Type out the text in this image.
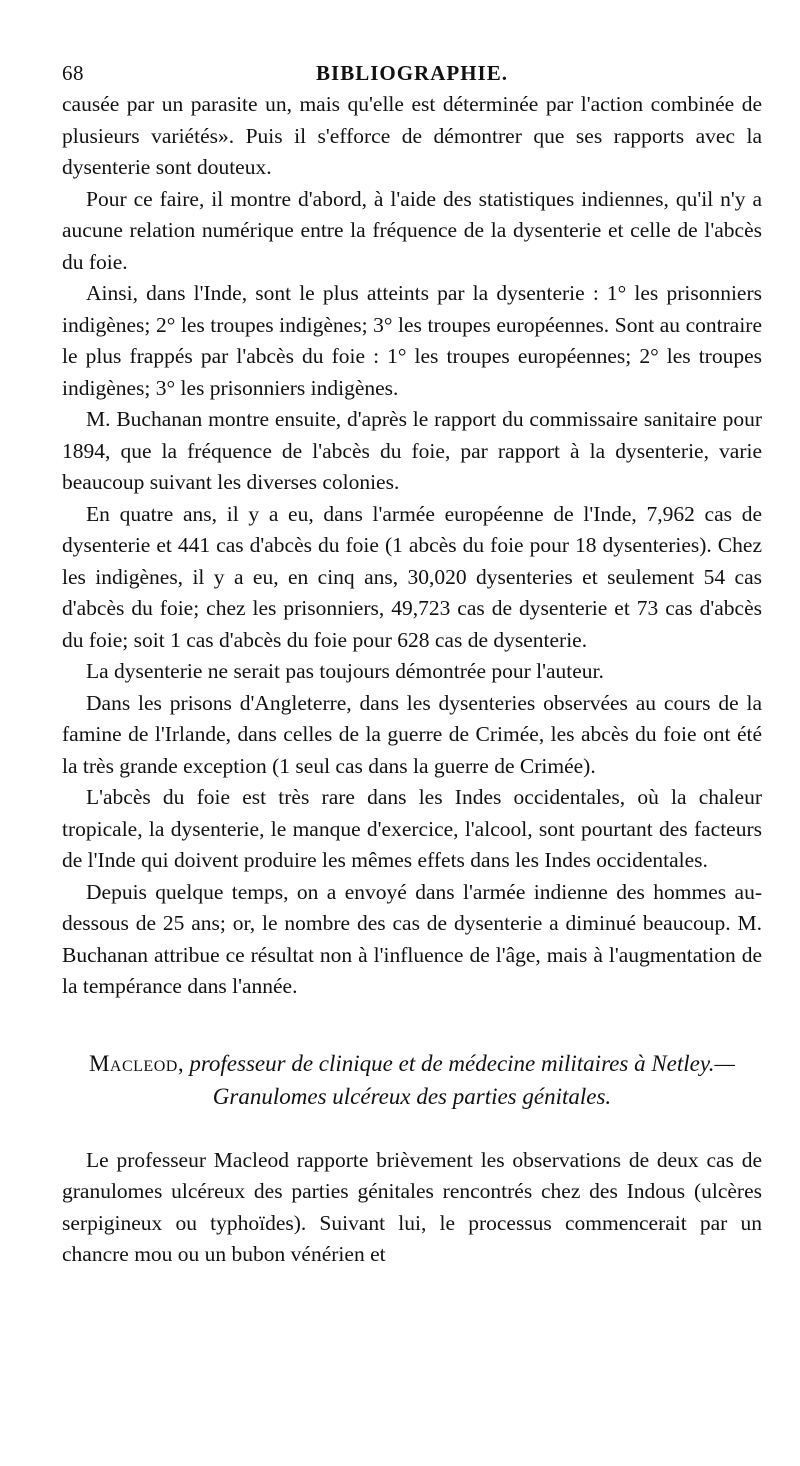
68	BIBLIOGRAPHIE.

causée par un parasite un, mais qu'elle est déterminée par l'action combinée de plusieurs variétés». Puis il s'efforce de démontrer que ses rapports avec la dysenterie sont douteux.

Pour ce faire, il montre d'abord, à l'aide des statistiques indiennes, qu'il n'y a aucune relation numérique entre la fréquence de la dysenterie et celle de l'abcès du foie.

Ainsi, dans l'Inde, sont le plus atteints par la dysenterie : 1° les prisonniers indigènes; 2° les troupes indigènes; 3° les troupes européennes. Sont au contraire le plus frappés par l'abcès du foie : 1° les troupes européennes; 2° les troupes indigènes; 3° les prisonniers indigènes.

M. Buchanan montre ensuite, d'après le rapport du commissaire sanitaire pour 1894, que la fréquence de l'abcès du foie, par rapport à la dysenterie, varie beaucoup suivant les diverses colonies.

En quatre ans, il y a eu, dans l'armée européenne de l'Inde, 7,962 cas de dysenterie et 441 cas d'abcès du foie (1 abcès du foie pour 18 dysenteries). Chez les indigènes, il y a eu, en cinq ans, 30,020 dysenteries et seulement 54 cas d'abcès du foie; chez les prisonniers, 49,723 cas de dysenterie et 73 cas d'abcès du foie; soit 1 cas d'abcès du foie pour 628 cas de dysenterie.

La dysenterie ne serait pas toujours démontrée pour l'auteur.

Dans les prisons d'Angleterre, dans les dysenteries observées au cours de la famine de l'Irlande, dans celles de la guerre de Crimée, les abcès du foie ont été la très grande exception (1 seul cas dans la guerre de Crimée).

L'abcès du foie est très rare dans les Indes occidentales, où la chaleur tropicale, la dysenterie, le manque d'exercice, l'alcool, sont pourtant des facteurs de l'Inde qui doivent produire les mêmes effets dans les Indes occidentales.

Depuis quelque temps, on a envoyé dans l'armée indienne des hommes au-dessous de 25 ans; or, le nombre des cas de dysenterie a diminué beaucoup. M. Buchanan attribue ce résultat non à l'influence de l'âge, mais à l'augmentation de la tempérance dans l'année.

Macleod, professeur de clinique et de médecine militaires à Netley.—
Granulomes ulcéreux des parties génitales.

Le professeur Macleod rapporte brièvement les observations de deux cas de granulomes ulcéreux des parties génitales rencontrés chez des Indous (ulcères serpigineux ou typhoïdes). Suivant lui, le processus commencerait par un chancre mou ou un bubon vénérien et
